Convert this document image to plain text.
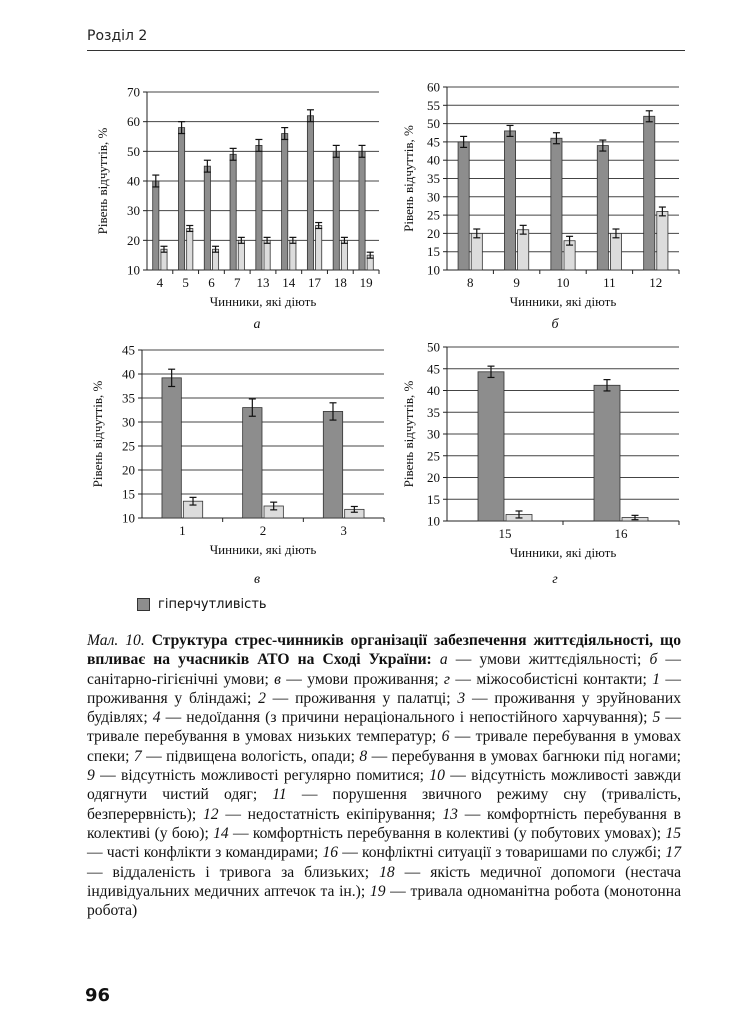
Розділ 2
10
20
30
40
50
60
70
4 5 6 7 13 14 17 18 19
Чинники, які діють
Рівень відчуттів, %
10
15
20
25
30
35
40
45
50
55
60
8	9	10	11	12
Чинники, які діють
Рівень відчуттів, %
10
15
20
25
30
35
40
45
1	2	3
Чинники, які діють
Рівень відчуттів, %
10
15
20
25
30
35
40
45
50
15	16
Чинники, які діють
Рівень відчуттів, %
а	б
в	г
гіперчутливість
Мал. 10. Структура стрес-чинників організації забезпечення життєдіяльності, що впливає на учасників АТО на Сході України: а — умови життєдіяльності; б — санітарно-гігієнічні умови; в — умови проживання; г — міжособистісні контакти; 1 — проживання у бліндажі; 2 — проживання у палатці; 3 — проживання у зруйнованих будівлях; 4 — недоїдання (з причини нераціонального і непостійного харчування); 5 — тривале перебування в умовах низьких температур; 6 — тривале перебування в умовах спеки; 7 — підвищена вологість, опади; 8 — перебування в умовах багнюки під ногами; 9 — відсутність можливості регулярно помитися; 10 — відсутність можливості завжди одягнути чистий одяг; 11 — порушення звичного режиму сну (тривалість, безперервність); 12 — недостатність екіпірування; 13 — комфортність перебування в колективі (у бою); 14 — комфортність перебування в колективі (у побутових умовах); 15 — часті конфлікти з командирами; 16 — конфліктні ситуації з товаришами по службі; 17 — віддаленість і тривога за близьких; 18 — якість медичної допомоги (нестача індивідуальних медичних аптечок та ін.); 19 — тривала одноманітна робота (монотонна робота)
96
